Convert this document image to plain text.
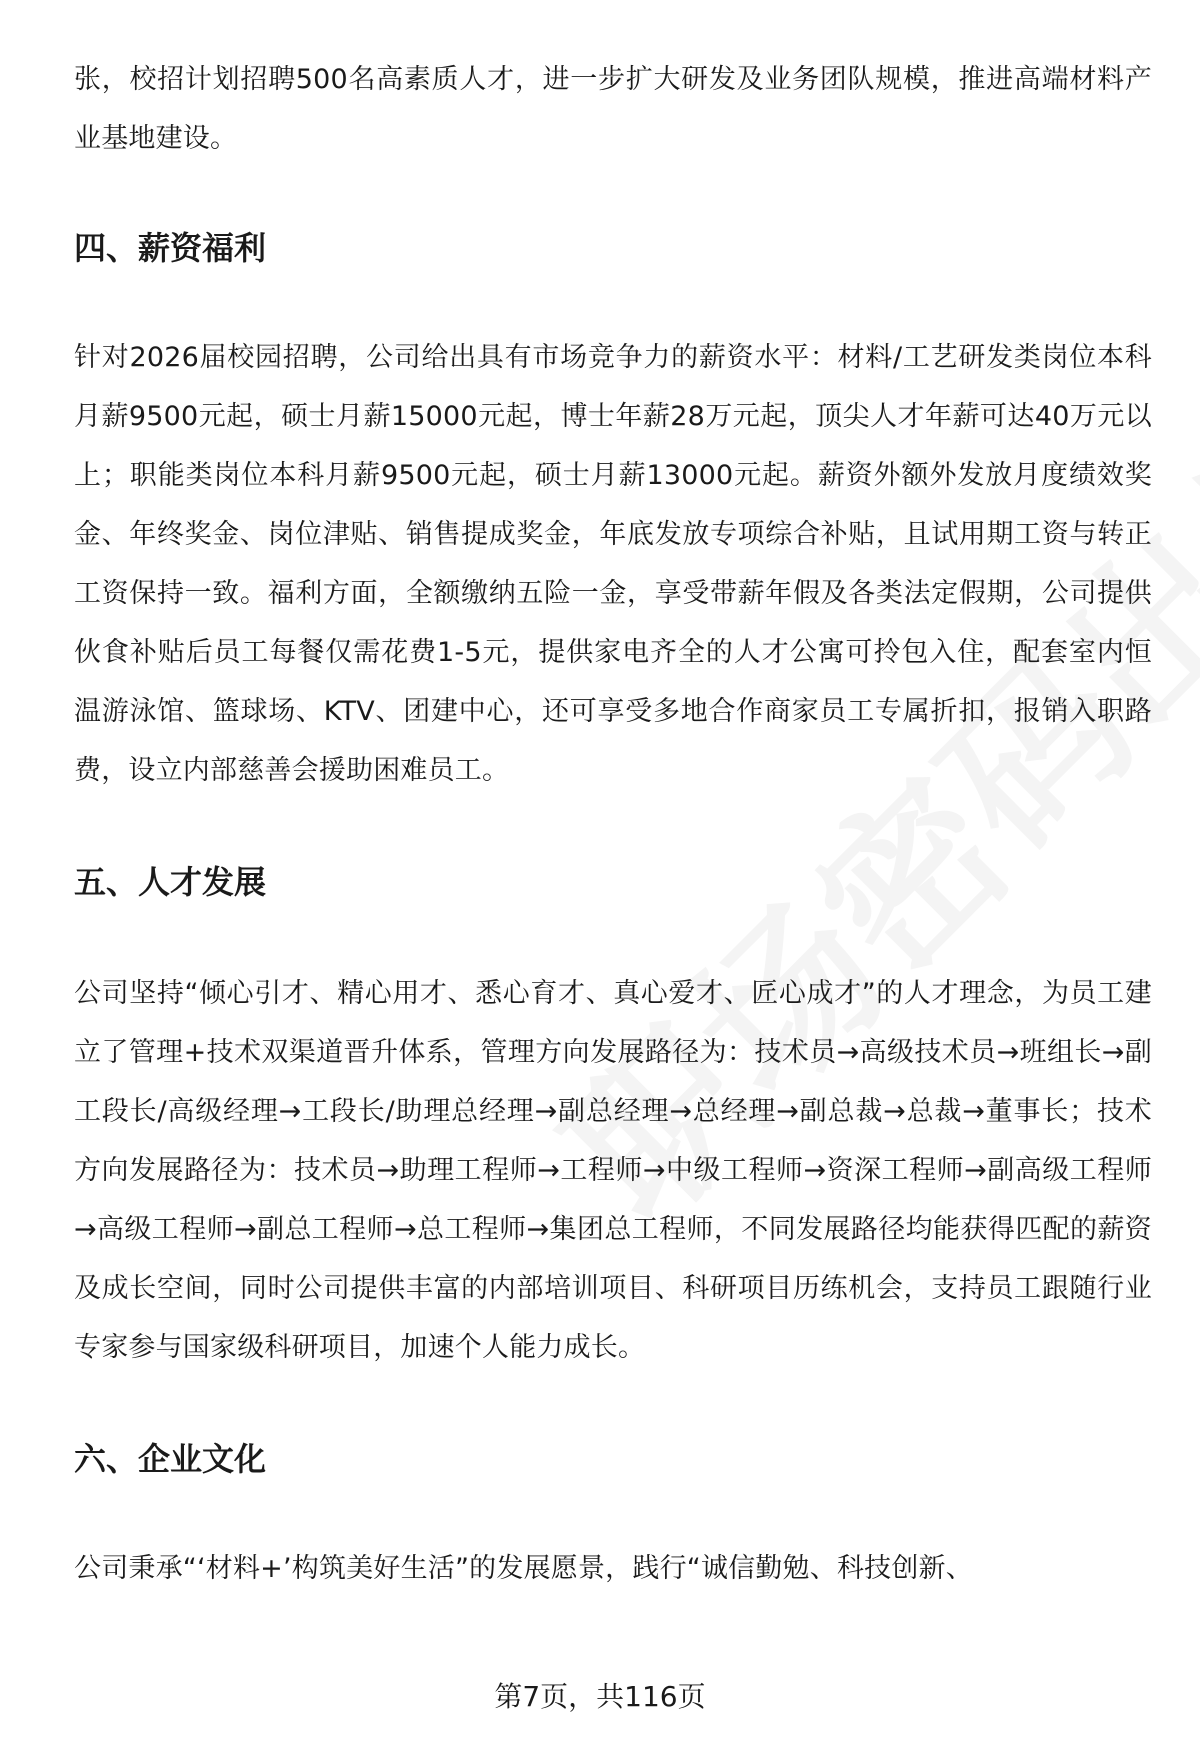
张，校招计划招聘500名高素质人才，进一步扩大研发及业务团队规模，推进高端材料产业基地建设。

四、薪资福利

针对2026届校园招聘，公司给出具有市场竞争力的薪资水平：材料/工艺研发类岗位本科月薪9500元起，硕士月薪15000元起，博士年薪28万元起，顶尖人才年薪可达40万元以上；职能类岗位本科月薪9500元起，硕士月薪13000元起。薪资外额外发放月度绩效奖金、年终奖金、岗位津贴、销售提成奖金，年底发放专项综合补贴，且试用期工资与转正工资保持一致。福利方面，全额缴纳五险一金，享受带薪年假及各类法定假期，公司提供伙食补贴后员工每餐仅需花费1-5元，提供家电齐全的人才公寓可拎包入住，配套室内恒温游泳馆、篮球场、KTV、团建中心，还可享受多地合作商家员工专属折扣，报销入职路费，设立内部慈善会援助困难员工。

五、人才发展

公司坚持“倾心引才、精心用才、悉心育才、真心爱才、匠心成才”的人才理念，为员工建立了管理+技术双渠道晋升体系，管理方向发展路径为：技术员→高级技术员→班组长→副工段长/高级经理→工段长/助理总经理→副总经理→总经理→副总裁→总裁→董事长；技术方向发展路径为：技术员→助理工程师→工程师→中级工程师→资深工程师→副高级工程师→高级工程师→副总工程师→总工程师→集团总工程师，不同发展路径均能获得匹配的薪资及成长空间，同时公司提供丰富的内部培训项目、科研项目历练机会，支持员工跟随行业专家参与国家级科研项目，加速个人能力成长。

六、企业文化

公司秉承“‘材料+’构筑美好生活”的发展愿景，践行“诚信勤勉、科技创新、

第7页，共116页
